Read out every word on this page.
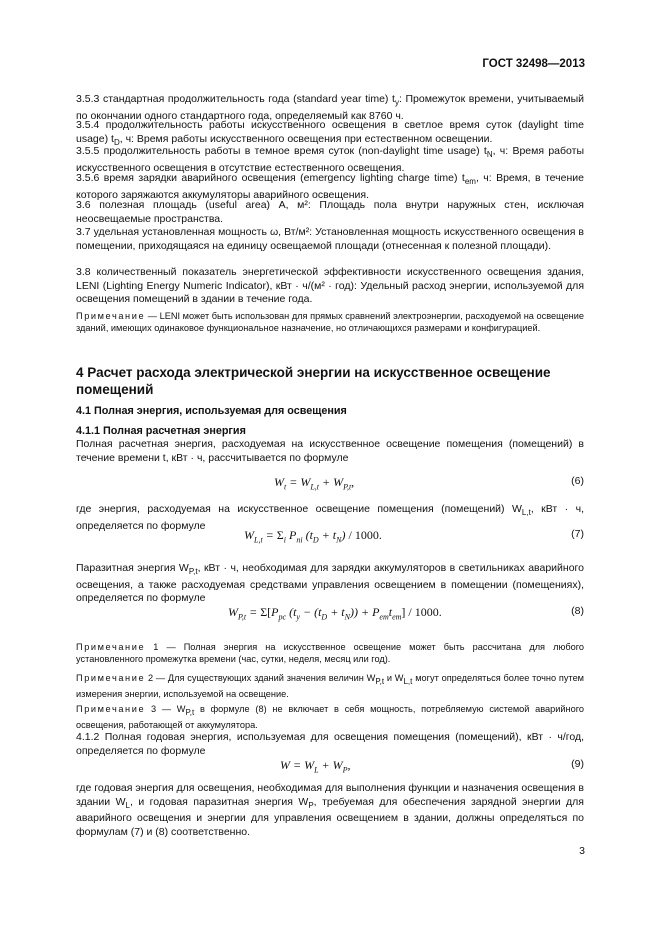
ГОСТ 32498—2013
3.5.3 стандартная продолжительность года (standard year time) $t_y$: Промежуток времени, учитываемый по окончании одного стандартного года, определяемый как 8760 ч.
3.5.4 продолжительность работы искусственного освещения в светлое время суток (daylight time usage) $t_D$, ч: Время работы искусственного освещения при естественном освещении.
3.5.5 продолжительность работы в темное время суток (non-daylight time usage) $t_N$, ч: Время работы искусственного освещения в отсутствие естественного освещения.
3.5.6 время зарядки аварийного освещения (emergency lighting charge time) $t_{em}$, ч: Время, в течение которого заряжаются аккумуляторы аварийного освещения.
3.6 полезная площадь (useful area) A, м²: Площадь пола внутри наружных стен, исключая неосвещаемые пространства.
3.7 удельная установленная мощность ω, Вт/м²: Установленная мощность искусственного освещения в помещении, приходящаяся на единицу освещаемой площади (отнесенная к полезной площади).
3.8 количественный показатель энергетической эффективности искусственного освещения здания, LENI (Lighting Energy Numeric Indicator), кВт · ч/(м² · год): Удельный расход энергии, используемой для освещения помещений в здании в течение года.
Примечание — LENI может быть использован для прямых сравнений электроэнергии, расходуемой на освещение зданий, имеющих одинаковое функциональное назначение, но отличающихся размерами и конфигурацией.
4 Расчет расхода электрической энергии на искусственное освещение помещений
4.1 Полная энергия, используемая для освещения
4.1.1 Полная расчетная энергия
Полная расчетная энергия, расходуемая на искусственное освещение помещения (помещений) в течение времени t, кВт · ч, рассчитывается по формуле
$W_t = W_{L,t} + W_{P,t}$,	(6)
где энергия, расходуемая на искусственное освещение помещения (помещений) $W_{L,t}$, кВт · ч, определяется по формуле
$W_{L,t} = \Sigma_i$ $P_{ni}$ $(t_D + t_N) / 1000$.	(7)
Паразитная энергия $W_{P,t}$, кВт · ч, необходимая для зарядки аккумуляторов в светильниках аварийного освещения, а также расходуемая средствами управления освещением в помещении (помещениях), определяется по формуле
$W_{P,t} = \Sigma[P_{pc}$ $(t_y - (t_D + t_N)) + P_{em}t_{em}] / 1000$.	(8)
Примечание 1 — Полная энергия на искусственное освещение может быть рассчитана для любого установленного промежутка времени (час, сутки, неделя, месяц или год).
Примечание 2 — Для существующих зданий значения величин $W_{P,t}$ и $W_{L,t}$ могут определяться более точно путем измерения энергии, используемой на освещение.
Примечание 3 — $W_{P,t}$ в формуле (8) не включает в себя мощность, потребляемую системой аварийного освещения, работающей от аккумулятора.
4.1.2 Полная годовая энергия, используемая для освещения помещения (помещений), кВт · ч/год, определяется по формуле
$W = W_L + W_P$,	(9)
где годовая энергия для освещения, необходимая для выполнения функции и назначения освещения в здании $W_L$, и годовая паразитная энергия $W_P$, требуемая для обеспечения зарядной энергии для аварийного освещения и энергии для управления освещением в здании, должны определяться по формулам (7) и (8) соответственно.
3
